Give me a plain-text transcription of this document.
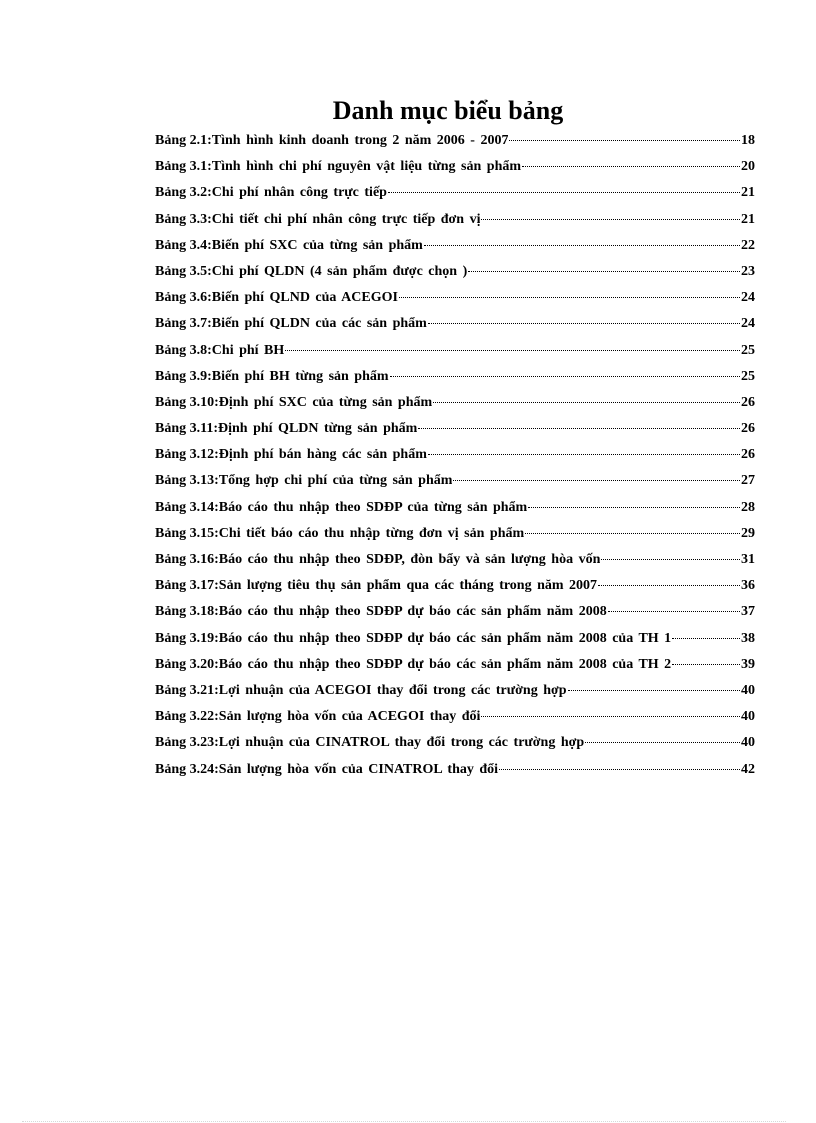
Danh mục biểu bảng
Bảng 2.1: Tình hình kinh doanh trong 2 năm 2006 - 2007	18
Bảng 3.1: Tình hình chi phí nguyên vật liệu từng sản phẩm	20
Bảng 3.2: Chi phí nhân công trực tiếp	21
Bảng 3.3: Chi tiết chi phí nhân công trực tiếp đơn vị	21
Bảng 3.4: Biến phí SXC của từng sản phẩm	22
Bảng 3.5: Chi phí QLDN (4 sản phẩm được chọn )	23
Bảng 3.6: Biến phí QLND của ACEGOI	24
Bảng 3.7: Biến phí QLDN của các sản phẩm	24
Bảng 3.8: Chi phí BH	25
Bảng 3.9: Biến phí BH từng sản phẩm	25
Bảng 3.10: Định phí SXC của từng sản phẩm	26
Bảng 3.11: Định phí QLDN từng sản phẩm	26
Bảng 3.12: Định phí bán hàng các sản phẩm	26
Bảng 3.13: Tổng hợp chi phí của từng sản phẩm	27
Bảng 3.14: Báo cáo thu nhập theo SDĐP của từng sản phẩm	28
Bảng 3.15: Chi tiết báo cáo thu nhập từng đơn vị sản phẩm	29
Bảng 3.16: Báo cáo thu nhập theo SDĐP, đòn bẩy và sản lượng hòa vốn	31
Bảng 3.17: Sản lượng tiêu thụ sản phẩm qua các tháng trong năm 2007	36
Bảng 3.18: Báo cáo thu nhập theo SDĐP dự báo các sản phẩm năm 2008	37
Bảng 3.19: Báo cáo thu nhập theo SDĐP dự báo các sản phẩm năm 2008 của TH 1	38
Bảng 3.20: Báo cáo thu nhập theo SDĐP dự báo các sản phẩm năm 2008 của TH 2	39
Bảng 3.21: Lợi nhuận của ACEGOI thay đổi trong các trường hợp	40
Bảng 3.22: Sản lượng hòa vốn của ACEGOI thay đổi	40
Bảng 3.23: Lợi nhuận của CINATROL thay đổi trong các trường hợp	40
Bảng 3.24: Sản lượng hòa vốn của CINATROL thay đổi	42
